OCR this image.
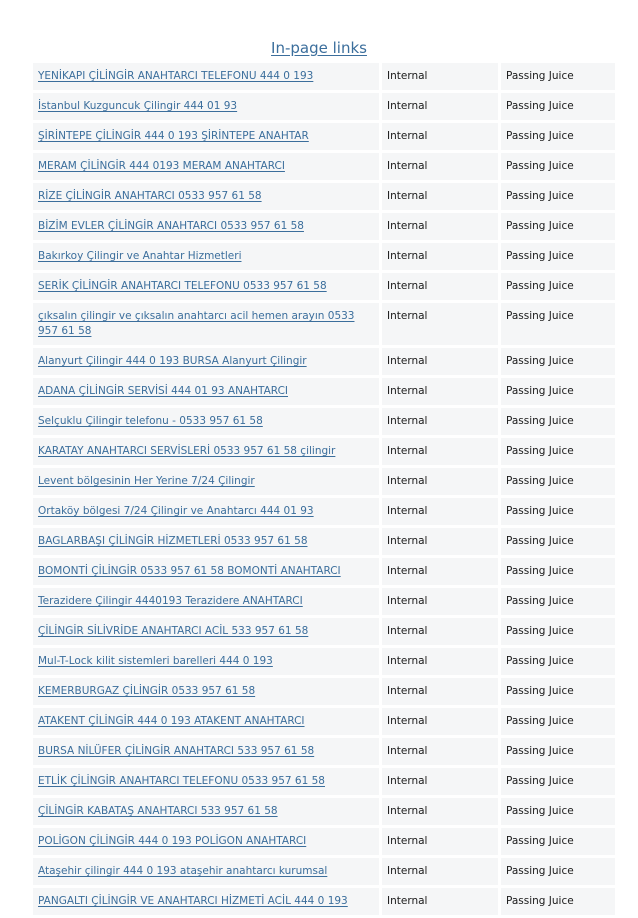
In-page links
YENİKAPI ÇİLİNGİR ANAHTARCI TELEFONU 444 0 193	Internal	Passing Juice
İstanbul Kuzguncuk Çilingir 444 01 93	Internal	Passing Juice
ŞİRİNTEPE ÇİLİNGİR 444 0 193 ŞİRİNTEPE ANAHTAR	Internal	Passing Juice
MERAM ÇİLİNGİR 444 0193 MERAM ANAHTARCI	Internal	Passing Juice
RİZE ÇİLİNGİR ANAHTARCI 0533 957 61 58	Internal	Passing Juice
BİZİM EVLER ÇİLİNGİR ANAHTARCI 0533 957 61 58	Internal	Passing Juice
Bakırkoy Çilingir ve Anahtar Hizmetleri	Internal	Passing Juice
SERİK ÇİLİNGİR ANAHTARCI TELEFONU 0533 957 61 58	Internal	Passing Juice
çıksalın çilingir ve çıksalın anahtarcı acil hemen arayın 0533 957 61 58	Internal	Passing Juice
Alanyurt Çilingir 444 0 193 BURSA Alanyurt Çilingir	Internal	Passing Juice
ADANA ÇİLİNGİR SERVİSİ 444 01 93 ANAHTARCI	Internal	Passing Juice
Selçuklu Çilingir telefonu - 0533 957 61 58	Internal	Passing Juice
KARATAY ANAHTARCI SERVİSLERİ 0533 957 61 58 çilingir	Internal	Passing Juice
Levent bölgesinin Her Yerine 7/24 Çilingir	Internal	Passing Juice
Ortaköy bölgesi 7/24 Çilingir ve Anahtarcı 444 01 93	Internal	Passing Juice
BAGLARBAŞI ÇİLİNGİR HİZMETLERİ 0533 957 61 58	Internal	Passing Juice
BOMONTİ ÇİLİNGİR 0533 957 61 58 BOMONTİ ANAHTARCI	Internal	Passing Juice
Terazidere Çilingir 4440193 Terazidere ANAHTARCI	Internal	Passing Juice
ÇİLİNGİR SİLİVRİDE ANAHTARCI ACİL 533 957 61 58	Internal	Passing Juice
Mul-T-Lock kilit sistemleri barelleri 444 0 193	Internal	Passing Juice
KEMERBURGAZ ÇİLİNGİR 0533 957 61 58	Internal	Passing Juice
ATAKENT ÇİLİNGİR 444 0 193 ATAKENT ANAHTARCI	Internal	Passing Juice
BURSA NİLÜFER ÇİLİNGİR ANAHTARCI 533 957 61 58	Internal	Passing Juice
ETLİK ÇİLİNGİR ANAHTARCI TELEFONU 0533 957 61 58	Internal	Passing Juice
ÇİLİNGİR KABATAŞ ANAHTARCI 533 957 61 58	Internal	Passing Juice
POLİGON ÇİLİNGİR 444 0 193 POLİGON ANAHTARCI	Internal	Passing Juice
Ataşehir çilingir 444 0 193 ataşehir anahtarcı kurumsal	Internal	Passing Juice
PANGALTI ÇİLİNGİR VE ANAHTARCI HİZMETİ ACİL 444 0 193	Internal	Passing Juice
